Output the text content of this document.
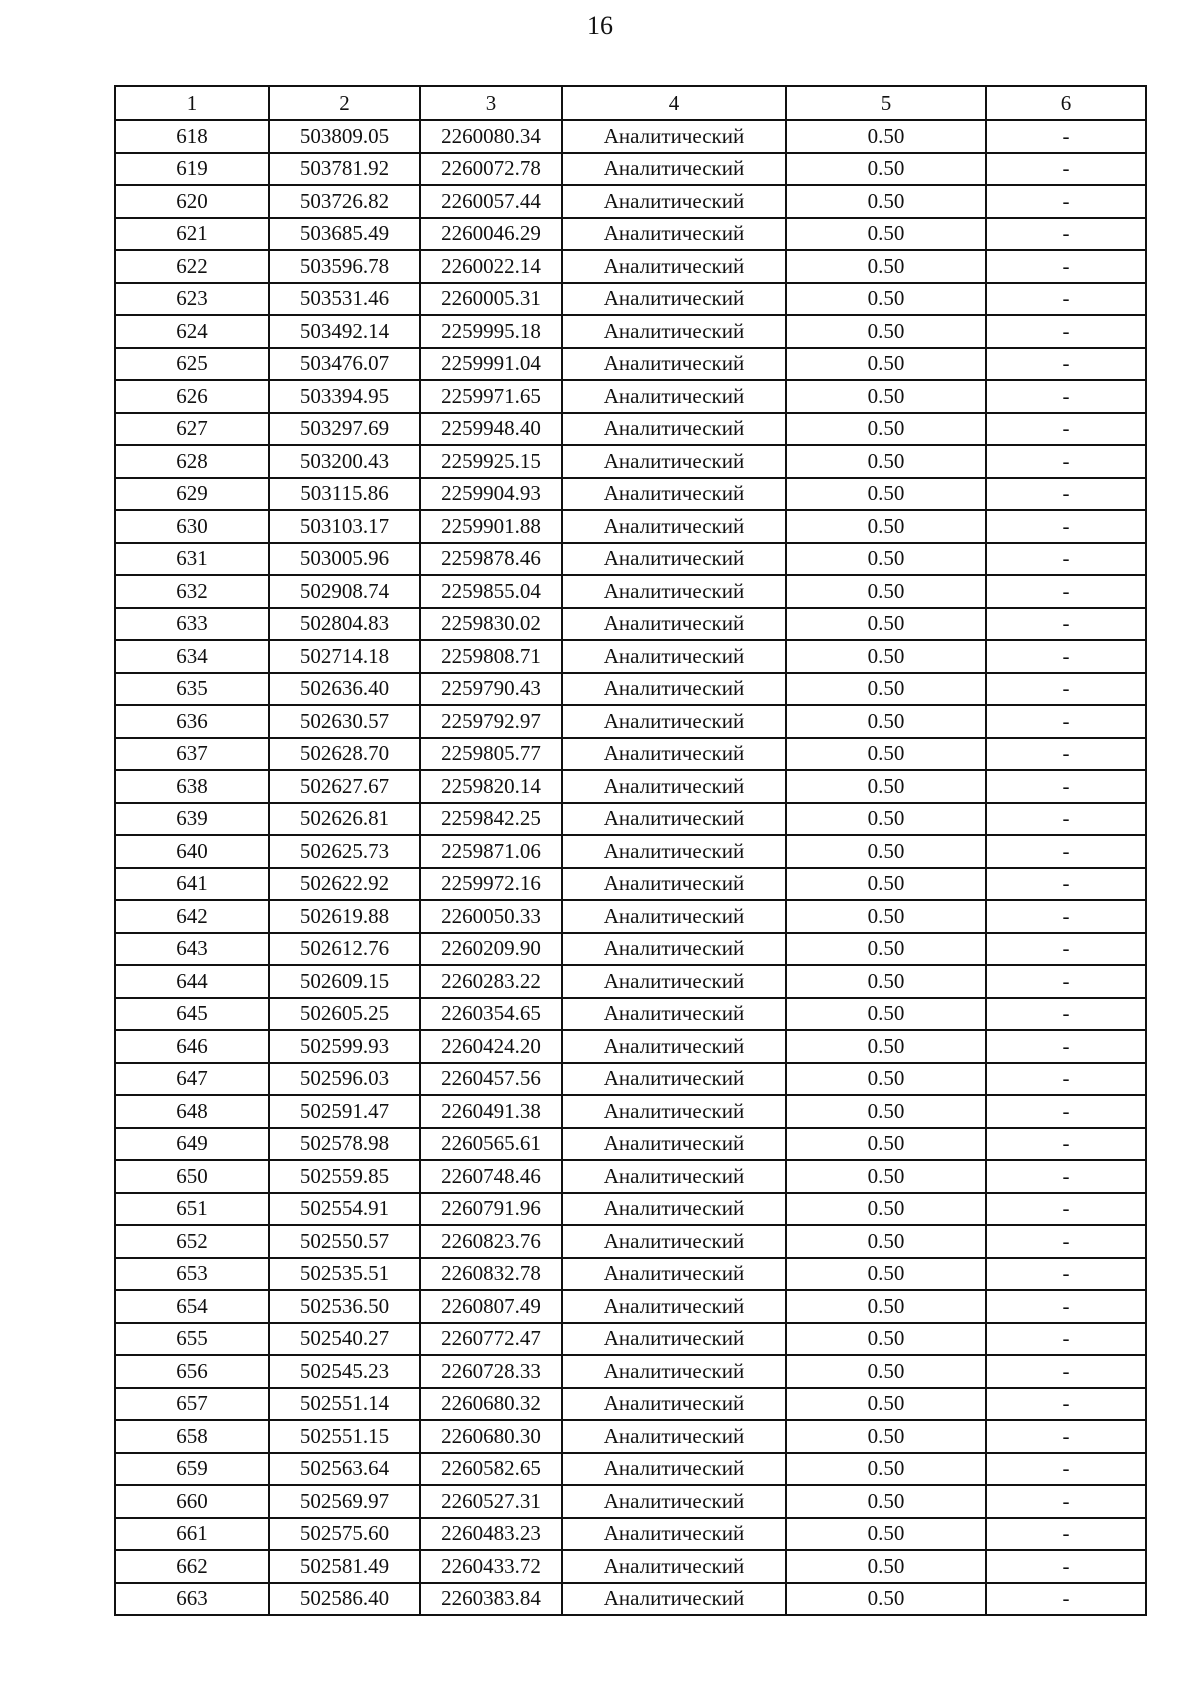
16
1	2	3	4	5	6
618	503809.05	2260080.34	Аналитический	0.50	-
619	503781.92	2260072.78	Аналитический	0.50	-
620	503726.82	2260057.44	Аналитический	0.50	-
621	503685.49	2260046.29	Аналитический	0.50	-
622	503596.78	2260022.14	Аналитический	0.50	-
623	503531.46	2260005.31	Аналитический	0.50	-
624	503492.14	2259995.18	Аналитический	0.50	-
625	503476.07	2259991.04	Аналитический	0.50	-
626	503394.95	2259971.65	Аналитический	0.50	-
627	503297.69	2259948.40	Аналитический	0.50	-
628	503200.43	2259925.15	Аналитический	0.50	-
629	503115.86	2259904.93	Аналитический	0.50	-
630	503103.17	2259901.88	Аналитический	0.50	-
631	503005.96	2259878.46	Аналитический	0.50	-
632	502908.74	2259855.04	Аналитический	0.50	-
633	502804.83	2259830.02	Аналитический	0.50	-
634	502714.18	2259808.71	Аналитический	0.50	-
635	502636.40	2259790.43	Аналитический	0.50	-
636	502630.57	2259792.97	Аналитический	0.50	-
637	502628.70	2259805.77	Аналитический	0.50	-
638	502627.67	2259820.14	Аналитический	0.50	-
639	502626.81	2259842.25	Аналитический	0.50	-
640	502625.73	2259871.06	Аналитический	0.50	-
641	502622.92	2259972.16	Аналитический	0.50	-
642	502619.88	2260050.33	Аналитический	0.50	-
643	502612.76	2260209.90	Аналитический	0.50	-
644	502609.15	2260283.22	Аналитический	0.50	-
645	502605.25	2260354.65	Аналитический	0.50	-
646	502599.93	2260424.20	Аналитический	0.50	-
647	502596.03	2260457.56	Аналитический	0.50	-
648	502591.47	2260491.38	Аналитический	0.50	-
649	502578.98	2260565.61	Аналитический	0.50	-
650	502559.85	2260748.46	Аналитический	0.50	-
651	502554.91	2260791.96	Аналитический	0.50	-
652	502550.57	2260823.76	Аналитический	0.50	-
653	502535.51	2260832.78	Аналитический	0.50	-
654	502536.50	2260807.49	Аналитический	0.50	-
655	502540.27	2260772.47	Аналитический	0.50	-
656	502545.23	2260728.33	Аналитический	0.50	-
657	502551.14	2260680.32	Аналитический	0.50	-
658	502551.15	2260680.30	Аналитический	0.50	-
659	502563.64	2260582.65	Аналитический	0.50	-
660	502569.97	2260527.31	Аналитический	0.50	-
661	502575.60	2260483.23	Аналитический	0.50	-
662	502581.49	2260433.72	Аналитический	0.50	-
663	502586.40	2260383.84	Аналитический	0.50	-
